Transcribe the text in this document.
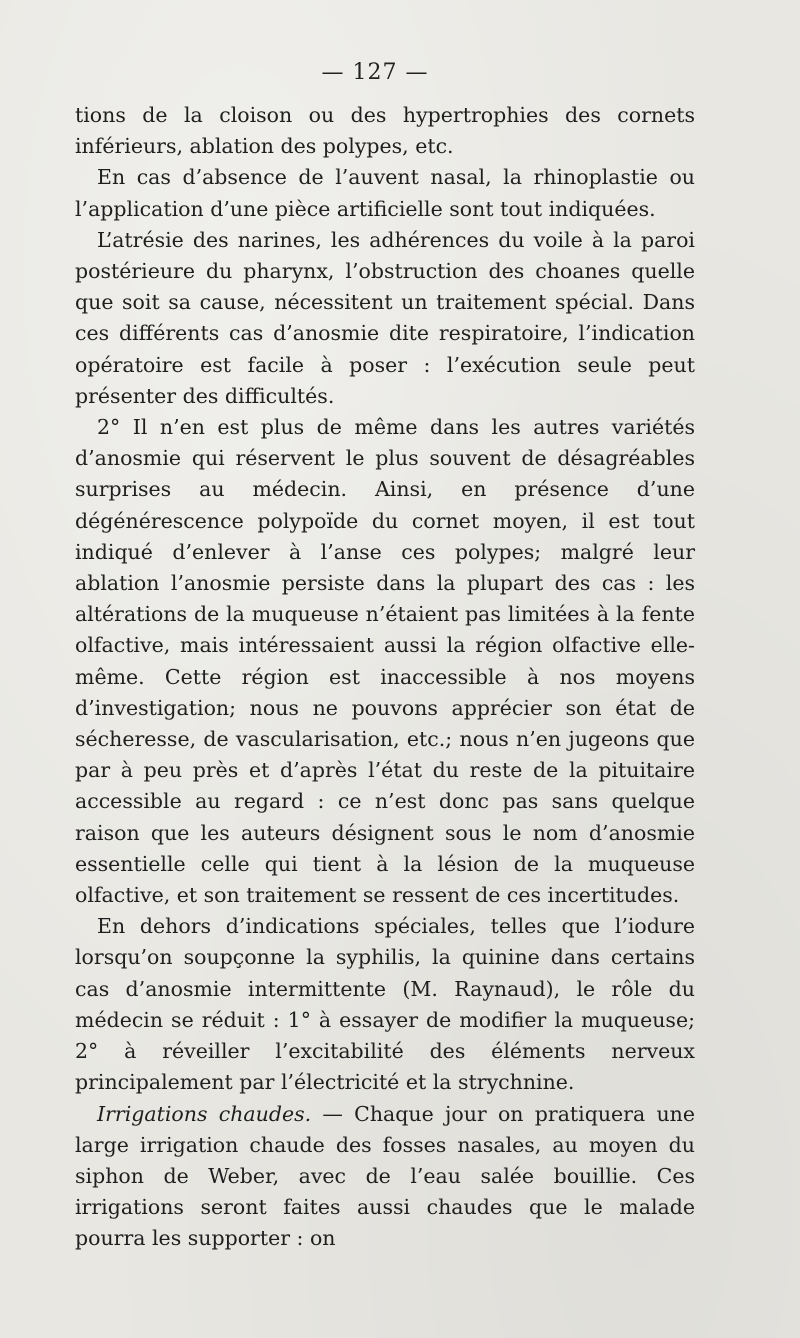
— 127 —

tions de la cloison ou des hypertrophies des cornets inférieurs, ablation des polypes, etc.

En cas d’absence de l’auvent nasal, la rhinoplastie ou l’application d’une pièce artificielle sont tout indiquées.

L’atrésie des narines, les adhérences du voile à la paroi postérieure du pharynx, l’obstruction des choanes quelle que soit sa cause, nécessitent un traitement spécial. Dans ces différents cas d’anosmie dite respiratoire, l’indication opératoire est facile à poser : l’exécution seule peut présenter des difficultés.

2° Il n’en est plus de même dans les autres variétés d’anosmie qui réservent le plus souvent de désagréables surprises au médecin. Ainsi, en présence d’une dégénérescence polypoïde du cornet moyen, il est tout indiqué d’enlever à l’anse ces polypes; malgré leur ablation l’anosmie persiste dans la plupart des cas : les altérations de la muqueuse n’étaient pas limitées à la fente olfactive, mais intéressaient aussi la région olfactive elle-même. Cette région est inaccessible à nos moyens d’investigation; nous ne pouvons apprécier son état de sécheresse, de vascularisation, etc.; nous n’en jugeons que par à peu près et d’après l’état du reste de la pituitaire accessible au regard : ce n’est donc pas sans quelque raison que les auteurs désignent sous le nom d’anosmie essentielle celle qui tient à la lésion de la muqueuse olfactive, et son traitement se ressent de ces incertitudes.

En dehors d’indications spéciales, telles que l’iodure lorsqu’on soupçonne la syphilis, la quinine dans certains cas d’anosmie intermittente (M. Raynaud), le rôle du médecin se réduit : 1° à essayer de modifier la muqueuse; 2° à réveiller l’excitabilité des éléments nerveux principalement par l’électricité et la strychnine.

Irrigations chaudes. — Chaque jour on pratiquera une large irrigation chaude des fosses nasales, au moyen du siphon de Weber, avec de l’eau salée bouillie. Ces irrigations seront faites aussi chaudes que le malade pourra les supporter : on
